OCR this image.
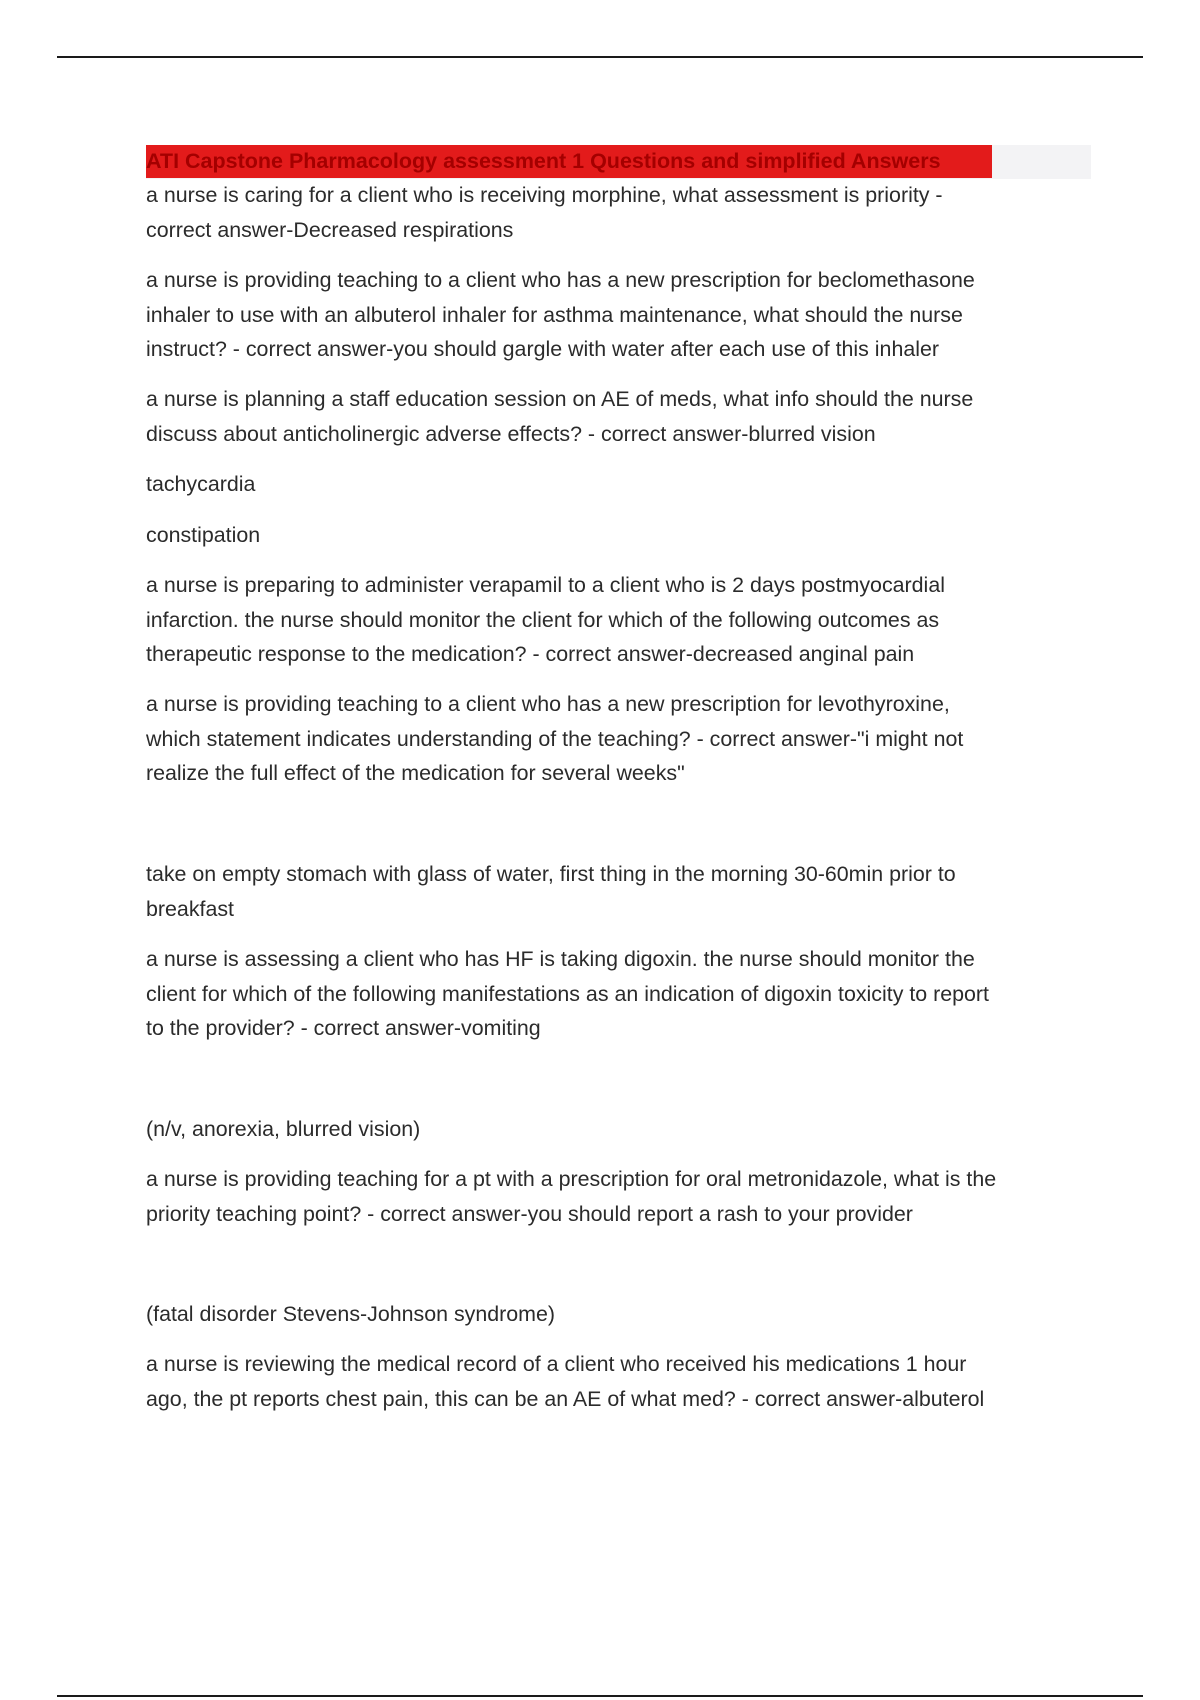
ATI Capstone Pharmacology assessment 1 Questions and simplified Answers

a nurse is caring for a client who is receiving morphine, what assessment is priority -

correct answer-Decreased respirations

a nurse is providing teaching to a client who has a new prescription for beclomethasone

inhaler to use with an albuterol inhaler for asthma maintenance, what should the nurse

instruct? - correct answer-you should gargle with water after each use of this inhaler

a nurse is planning a staff education session on AE of meds, what info should the nurse

discuss about anticholinergic adverse effects? - correct answer-blurred vision

tachycardia

constipation

a nurse is preparing to administer verapamil to a client who is 2 days postmyocardial

infarction. the nurse should monitor the client for which of the following outcomes as

therapeutic response to the medication? - correct answer-decreased anginal pain

a nurse is providing teaching to a client who has a new prescription for levothyroxine,

which statement indicates understanding of the teaching? - correct answer-"i might not

realize the full effect of the medication for several weeks"

take on empty stomach with glass of water, first thing in the morning 30-60min prior to

breakfast

a nurse is assessing a client who has HF is taking digoxin. the nurse should monitor the

client for which of the following manifestations as an indication of digoxin toxicity to report

to the provider? - correct answer-vomiting

(n/v, anorexia, blurred vision)

a nurse is providing teaching for a pt with a prescription for oral metronidazole, what is the

priority teaching point? - correct answer-you should report a rash to your provider

(fatal disorder Stevens-Johnson syndrome)

a nurse is reviewing the medical record of a client who received his medications 1 hour

ago, the pt reports chest pain, this can be an AE of what med? - correct answer-albuterol
